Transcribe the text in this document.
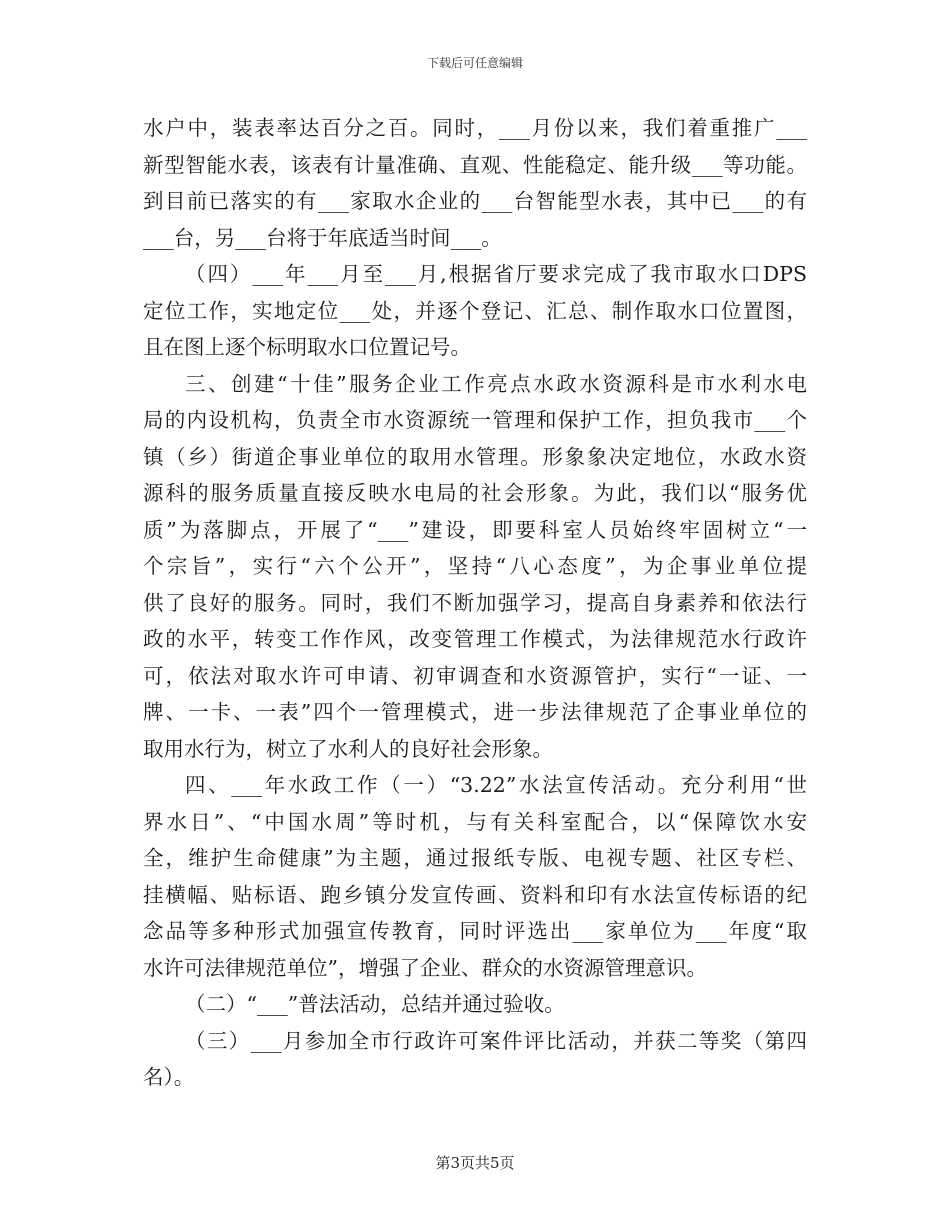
下载后可任意编辑
水户中，装表率达百分之百。同时，___月份以来，我们着重推广___
新型智能水表，该表有计量准确、直观、性能稳定、能升级___等功能。
到目前已落实的有___家取水企业的___台智能型水表，其中已___的有
___台，另___台将于年底适当时间___。
（四）___年___月至___月,根据省厅要求完成了我市取水口DPS
定位工作，实地定位___处，并逐个登记、汇总、制作取水口位置图，
且在图上逐个标明取水口位置记号。
三、创建“十佳”服务企业工作亮点水政水资源科是市水利水电
局的内设机构，负责全市水资源统一管理和保护工作，担负我市___个
镇（乡）街道企事业单位的取用水管理。形象象决定地位，水政水资
源科的服务质量直接反映水电局的社会形象。为此，我们以“服务优
质”为落脚点，开展了“___”建设，即要科室人员始终牢固树立“一
个宗旨”，实行“六个公开”，坚持“八心态度”，为企事业单位提
供了良好的服务。同时，我们不断加强学习，提高自身素养和依法行
政的水平，转变工作作风，改变管理工作模式，为法律规范水行政许
可，依法对取水许可申请、初审调查和水资源管护，实行“一证、一
牌、一卡、一表”四个一管理模式，进一步法律规范了企事业单位的
取用水行为，树立了水利人的良好社会形象。
四、___年水政工作（一）“3.22”水法宣传活动。充分利用“世
界水日”、“中国水周”等时机，与有关科室配合，以“保障饮水安
全，维护生命健康”为主题，通过报纸专版、电视专题、社区专栏、
挂横幅、贴标语、跑乡镇分发宣传画、资料和印有水法宣传标语的纪
念品等多种形式加强宣传教育，同时评选出___家单位为___年度“取
水许可法律规范单位”，增强了企业、群众的水资源管理意识。
（二）“___”普法活动，总结并通过验收。
（三）___月参加全市行政许可案件评比活动，并获二等奖（第四
名）。
第3页共5页
